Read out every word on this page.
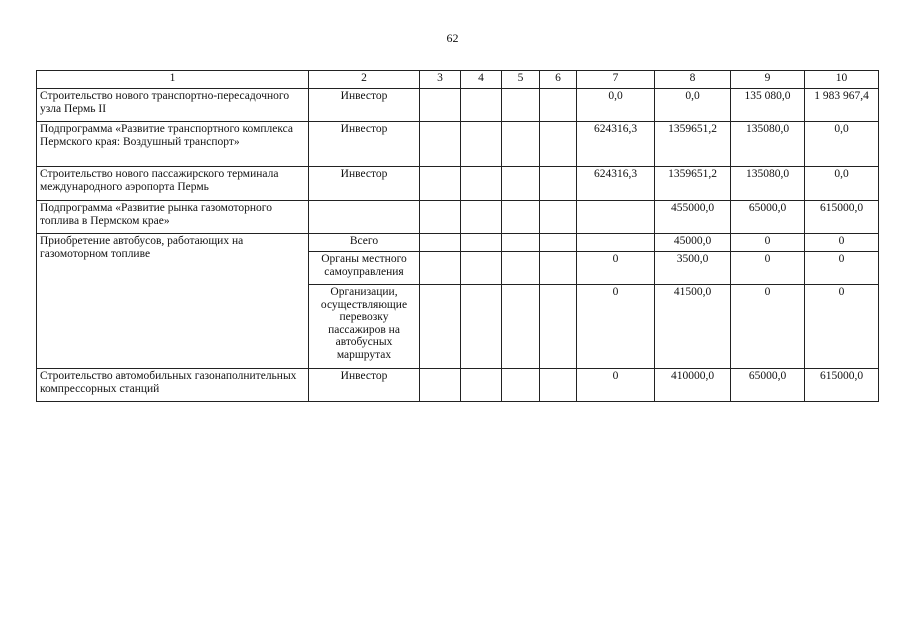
62
1	2	3	4	5	6	7	8	9	10
Строительство нового транспортно-пересадочного узла Пермь II	Инвестор					0,0	0,0	135 080,0	1 983 967,4
Подпрограмма «Развитие транспортного комплекса Пермского края: Воздушный транспорт»	Инвестор					624316,3	1359651,2	135080,0	0,0
Строительство нового пассажирского терминала международного аэропорта Пермь	Инвестор					624316,3	1359651,2	135080,0	0,0
Подпрограмма «Развитие рынка газомоторного топлива в Пермском крае»							455000,0	65000,0	615000,0
Приобретение автобусов, работающих на газомоторном топливе	Всего						45000,0	0	0
	Органы местного самоуправления					0	3500,0	0	0
	Организации, осуществляющие перевозку пассажиров на автобусных маршрутах					0	41500,0	0	0
Строительство автомобильных газонаполнительных компрессорных станций	Инвестор					0	410000,0	65000,0	615000,0
